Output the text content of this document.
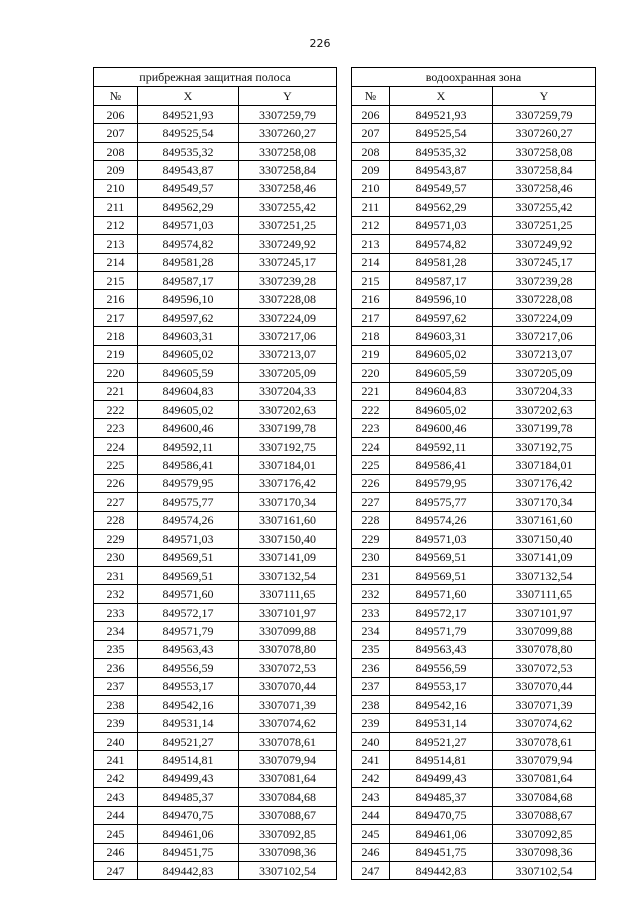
226
прибрежная защитная полоса				водоохранная зона		
№	X	Y		№	X	Y
206	849521,93	3307259,79		206	849521,93	3307259,79
207	849525,54	3307260,27		207	849525,54	3307260,27
208	849535,32	3307258,08		208	849535,32	3307258,08
209	849543,87	3307258,84		209	849543,87	3307258,84
210	849549,57	3307258,46		210	849549,57	3307258,46
211	849562,29	3307255,42		211	849562,29	3307255,42
212	849571,03	3307251,25		212	849571,03	3307251,25
213	849574,82	3307249,92		213	849574,82	3307249,92
214	849581,28	3307245,17		214	849581,28	3307245,17
215	849587,17	3307239,28		215	849587,17	3307239,28
216	849596,10	3307228,08		216	849596,10	3307228,08
217	849597,62	3307224,09		217	849597,62	3307224,09
218	849603,31	3307217,06		218	849603,31	3307217,06
219	849605,02	3307213,07		219	849605,02	3307213,07
220	849605,59	3307205,09		220	849605,59	3307205,09
221	849604,83	3307204,33		221	849604,83	3307204,33
222	849605,02	3307202,63		222	849605,02	3307202,63
223	849600,46	3307199,78		223	849600,46	3307199,78
224	849592,11	3307192,75		224	849592,11	3307192,75
225	849586,41	3307184,01		225	849586,41	3307184,01
226	849579,95	3307176,42		226	849579,95	3307176,42
227	849575,77	3307170,34		227	849575,77	3307170,34
228	849574,26	3307161,60		228	849574,26	3307161,60
229	849571,03	3307150,40		229	849571,03	3307150,40
230	849569,51	3307141,09		230	849569,51	3307141,09
231	849569,51	3307132,54		231	849569,51	3307132,54
232	849571,60	3307111,65		232	849571,60	3307111,65
233	849572,17	3307101,97		233	849572,17	3307101,97
234	849571,79	3307099,88		234	849571,79	3307099,88
235	849563,43	3307078,80		235	849563,43	3307078,80
236	849556,59	3307072,53		236	849556,59	3307072,53
237	849553,17	3307070,44		237	849553,17	3307070,44
238	849542,16	3307071,39		238	849542,16	3307071,39
239	849531,14	3307074,62		239	849531,14	3307074,62
240	849521,27	3307078,61		240	849521,27	3307078,61
241	849514,81	3307079,94		241	849514,81	3307079,94
242	849499,43	3307081,64		242	849499,43	3307081,64
243	849485,37	3307084,68		243	849485,37	3307084,68
244	849470,75	3307088,67		244	849470,75	3307088,67
245	849461,06	3307092,85		245	849461,06	3307092,85
246	849451,75	3307098,36		246	849451,75	3307098,36
247	849442,83	3307102,54		247	849442,83	3307102,54
